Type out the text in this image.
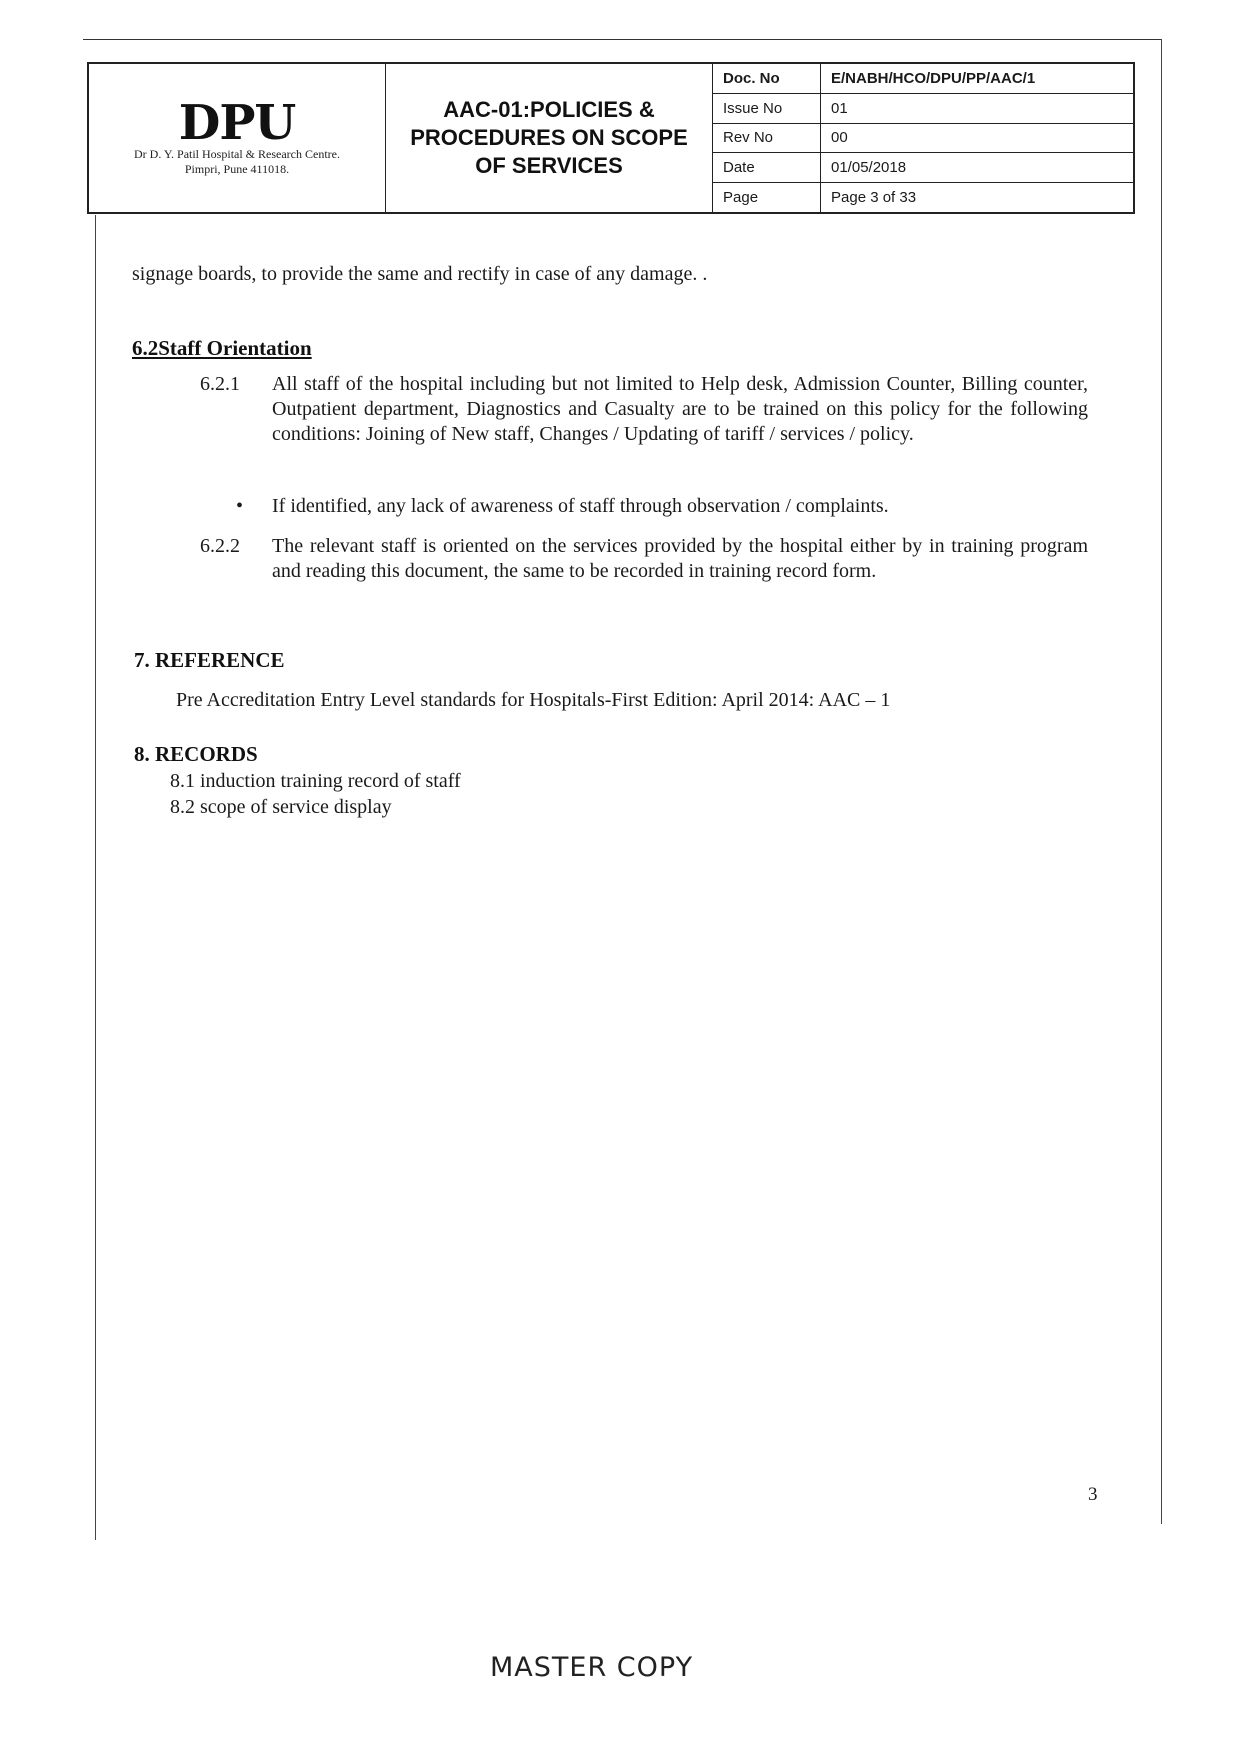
DPU
Dr D. Y. Patil Hospital & Research Centre.
Pimpri, Pune 411018.
AAC-01:POLICIES &
PROCEDURES ON SCOPE
OF SERVICES
Doc. No	E/NABH/HCO/DPU/PP/AAC/1
Issue No	01
Rev No	00
Date	01/05/2018
Page	Page 3 of 33
signage boards, to provide the same and rectify in case of any damage. .
6.2Staff Orientation
6.2.1	All staff of the hospital including but not limited to Help desk, Admission Counter, Billing counter, Outpatient department, Diagnostics and Casualty are to be trained on this policy for the following conditions: Joining of New staff, Changes / Updating of tariff / services / policy.
• If identified, any lack of awareness of staff through observation / complaints.
6.2.2	The relevant staff is oriented on the services provided by the hospital either by in training program and reading this document, the same to be recorded in training record form.
7. REFERENCE
Pre Accreditation Entry Level standards for Hospitals-First Edition: April 2014: AAC – 1
8. RECORDS
8.1 induction training record of staff
8.2 scope of service display
3
MASTER COPY
